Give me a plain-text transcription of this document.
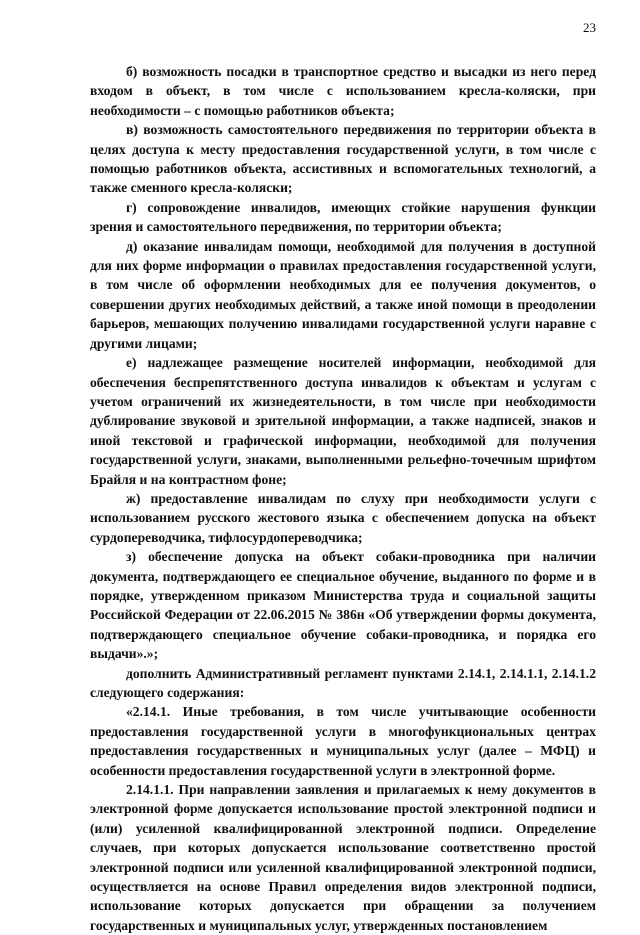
23

б) возможность посадки в транспортное средство и высадки из него перед входом в объект, в том числе с использованием кресла-коляски, при необходимости – с помощью работников объекта;

в) возможность самостоятельного передвижения по территории объекта в целях доступа к месту предоставления государственной услуги, в том числе с помощью работников объекта, ассистивных и вспомогательных технологий, а также сменного кресла-коляски;

г) сопровождение инвалидов, имеющих стойкие нарушения функции зрения и самостоятельного передвижения, по территории объекта;

д) оказание инвалидам помощи, необходимой для получения в доступной для них форме информации о правилах предоставления государственной услуги, в том числе об оформлении необходимых для ее получения документов, о совершении других необходимых действий, а также иной помощи в преодолении барьеров, мешающих получению инвалидами государственной услуги наравне с другими лицами;

е) надлежащее размещение носителей информации, необходимой для обеспечения беспрепятственного доступа инвалидов к объектам и услугам с учетом ограничений их жизнедеятельности, в том числе при необходимости дублирование звуковой и зрительной информации, а также надписей, знаков и иной текстовой и графической информации, необходимой для получения государственной услуги, знаками, выполненными рельефно-точечным шрифтом Брайля и на контрастном фоне;

ж) предоставление инвалидам по слуху при необходимости услуги с использованием русского жестового языка с обеспечением допуска на объект сурдопереводчика, тифлосурдопереводчика;

з) обеспечение допуска на объект собаки-проводника при наличии документа, подтверждающего ее специальное обучение, выданного по форме и в порядке, утвержденном приказом Министерства труда и социальной защиты Российской Федерации от 22.06.2015 № 386н «Об утверждении формы документа, подтверждающего специальное обучение собаки-проводника, и порядка его выдачи».»;

дополнить Административный регламент пунктами 2.14.1, 2.14.1.1, 2.14.1.2 следующего содержания:

«2.14.1. Иные требования, в том числе учитывающие особенности предоставления государственной услуги в многофункциональных центрах предоставления государственных и муниципальных услуг (далее – МФЦ) и особенности предоставления государственной услуги в электронной форме.

2.14.1.1. При направлении заявления и прилагаемых к нему документов в электронной форме допускается использование простой электронной подписи и (или) усиленной квалифицированной электронной подписи. Определение случаев, при которых допускается использование соответственно простой электронной подписи или усиленной квалифицированной электронной подписи, осуществляется на основе Правил определения видов электронной подписи, использование которых допускается при обращении за получением государственных и муниципальных услуг, утвержденных постановлением
